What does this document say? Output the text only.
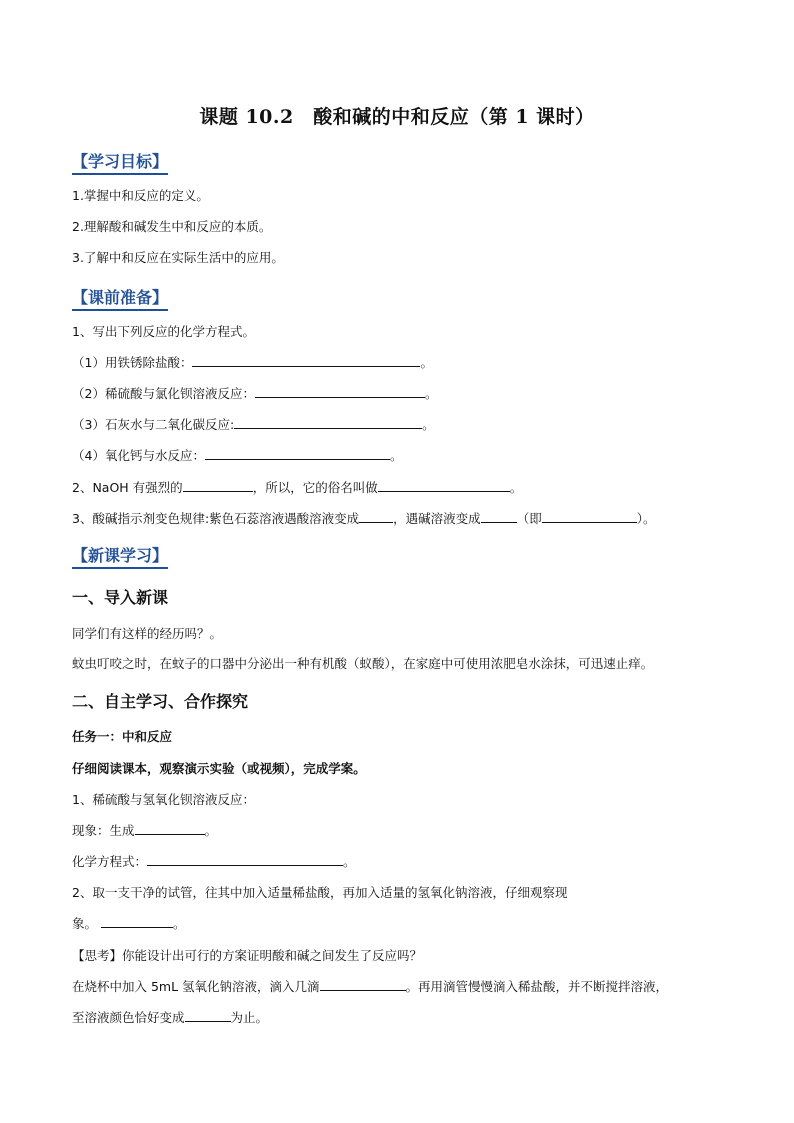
课题 10.2　酸和碱的中和反应（第 1 课时）
【学习目标】
1.掌握中和反应的定义。
2.理解酸和碱发生中和反应的本质。
3.了解中和反应在实际生活中的应用。
【课前准备】
1、写出下列反应的化学方程式。
（1）用铁锈除盐酸：	。
（2）稀硫酸与氯化钡溶液反应：	。
（3）石灰水与二氧化碳反应:	。
（4）氧化钙与水反应：	。
2、NaOH 有强烈的	，所以，它的俗名叫做	。
3、酸碱指示剂变色规律:紫色石蕊溶液遇酸溶液变成	，遇碱溶液变成	（即	）。
【新课学习】
一、导入新课
同学们有这样的经历吗？。
蚊虫叮咬之时，在蚊子的口器中分泌出一种有机酸（蚁酸），在家庭中可使用浓肥皂水涂抹，可迅速止痒。
二、自主学习、合作探究
任务一：中和反应
仔细阅读课本，观察演示实验（或视频），完成学案。
1、稀硫酸与氢氧化钡溶液反应：
现象：生成	。
化学方程式：	。
2、取一支干净的试管，往其中加入适量稀盐酸，再加入适量的氢氧化钠溶液，仔细观察现
象。	。
【思考】你能设计出可行的方案证明酸和碱之间发生了反应吗？
在烧杯中加入 5mL 氢氧化钠溶液，滴入几滴	。再用滴管慢慢滴入稀盐酸，并不断搅拌溶液，
至溶液颜色恰好变成	为止。
